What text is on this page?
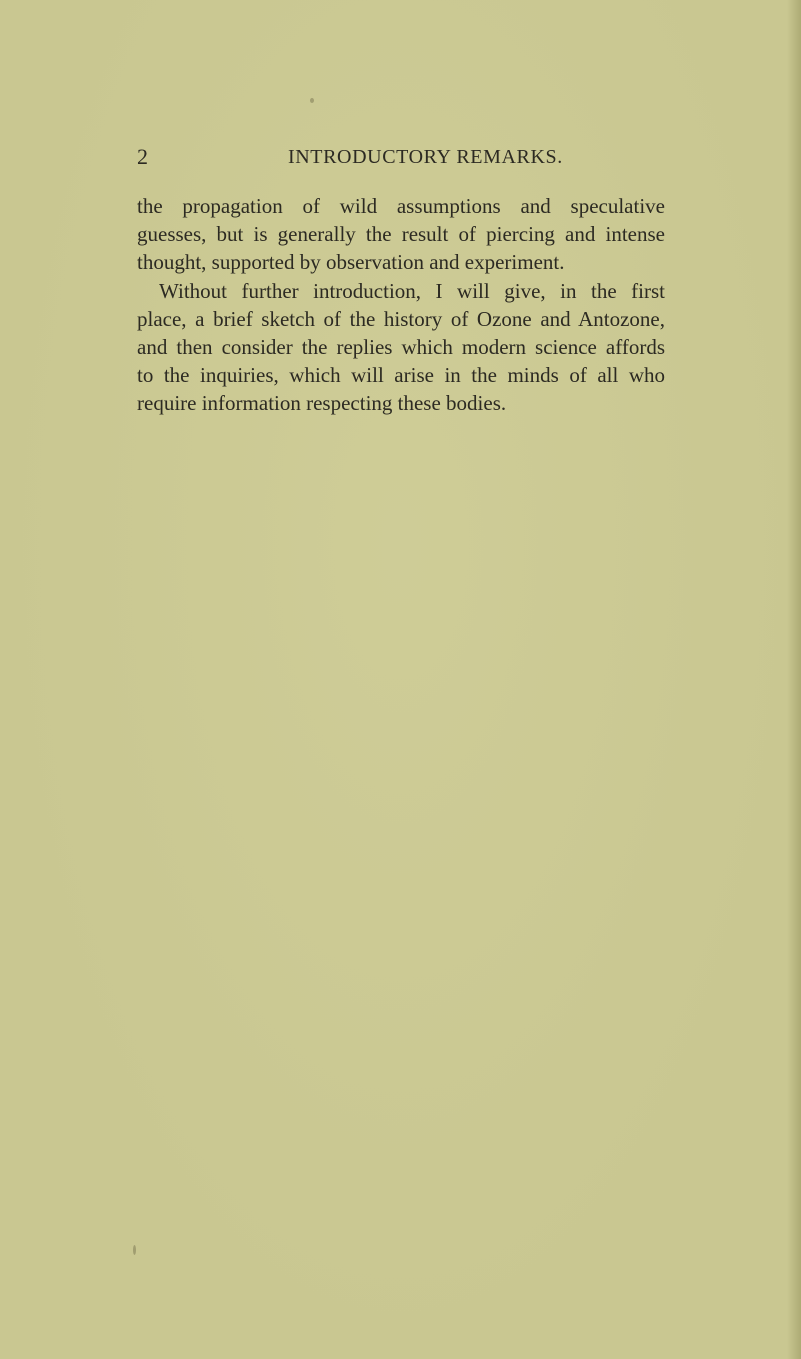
2	INTRODUCTORY REMARKS.
the propagation of wild assumptions and speculative
guesses, but is generally the result of piercing and intense
thought, supported by observation and experiment.
Without further introduction, I will give, in the first
place, a brief sketch of the history of Ozone and Antozone,
and then consider the replies which modern science affords
to the inquiries, which will arise in the minds of all who
require information respecting these bodies.
